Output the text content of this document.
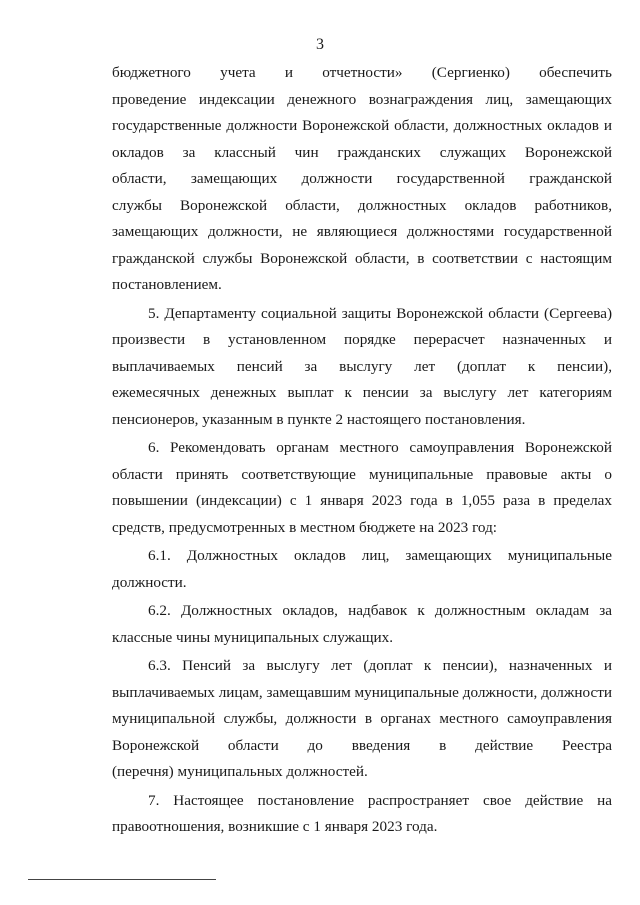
3
бюджетного учета и отчетности» (Сергиенко) обеспечить
проведение индексации денежного вознаграждения лиц, замещающих
государственные должности Воронежской области, должностных окладов и
окладов за классный чин гражданских служащих Воронежской
области, замещающих должности государственной гражданской
службы Воронежской области, должностных окладов работников,
замещающих должности, не являющиеся должностями государственной
гражданской службы Воронежской области, в соответствии с настоящим
постановлением.
5. Департаменту социальной защиты Воронежской области (Сергеева)
произвести в установленном порядке перерасчет назначенных и
выплачиваемых пенсий за выслугу лет (доплат к пенсии),
ежемесячных денежных выплат к пенсии за выслугу лет категориям
пенсионеров, указанным в пункте 2 настоящего постановления.
6. Рекомендовать органам местного самоуправления Воронежской
области принять соответствующие муниципальные правовые акты о
повышении (индексации) с 1 января 2023 года в 1,055 раза в пределах
средств, предусмотренных в местном бюджете на 2023 год:
6.1. Должностных окладов лиц, замещающих муниципальные
должности.
6.2. Должностных окладов, надбавок к должностным окладам за
классные чины муниципальных служащих.
6.3. Пенсий за выслугу лет (доплат к пенсии), назначенных и
выплачиваемых лицам, замещавшим муниципальные должности, должности
муниципальной службы, должности в органах местного самоуправления
Воронежской области до введения в действие Реестра
(перечня) муниципальных должностей.
7. Настоящее постановление распространяет свое действие на
правоотношения, возникшие с 1 января 2023 года.
